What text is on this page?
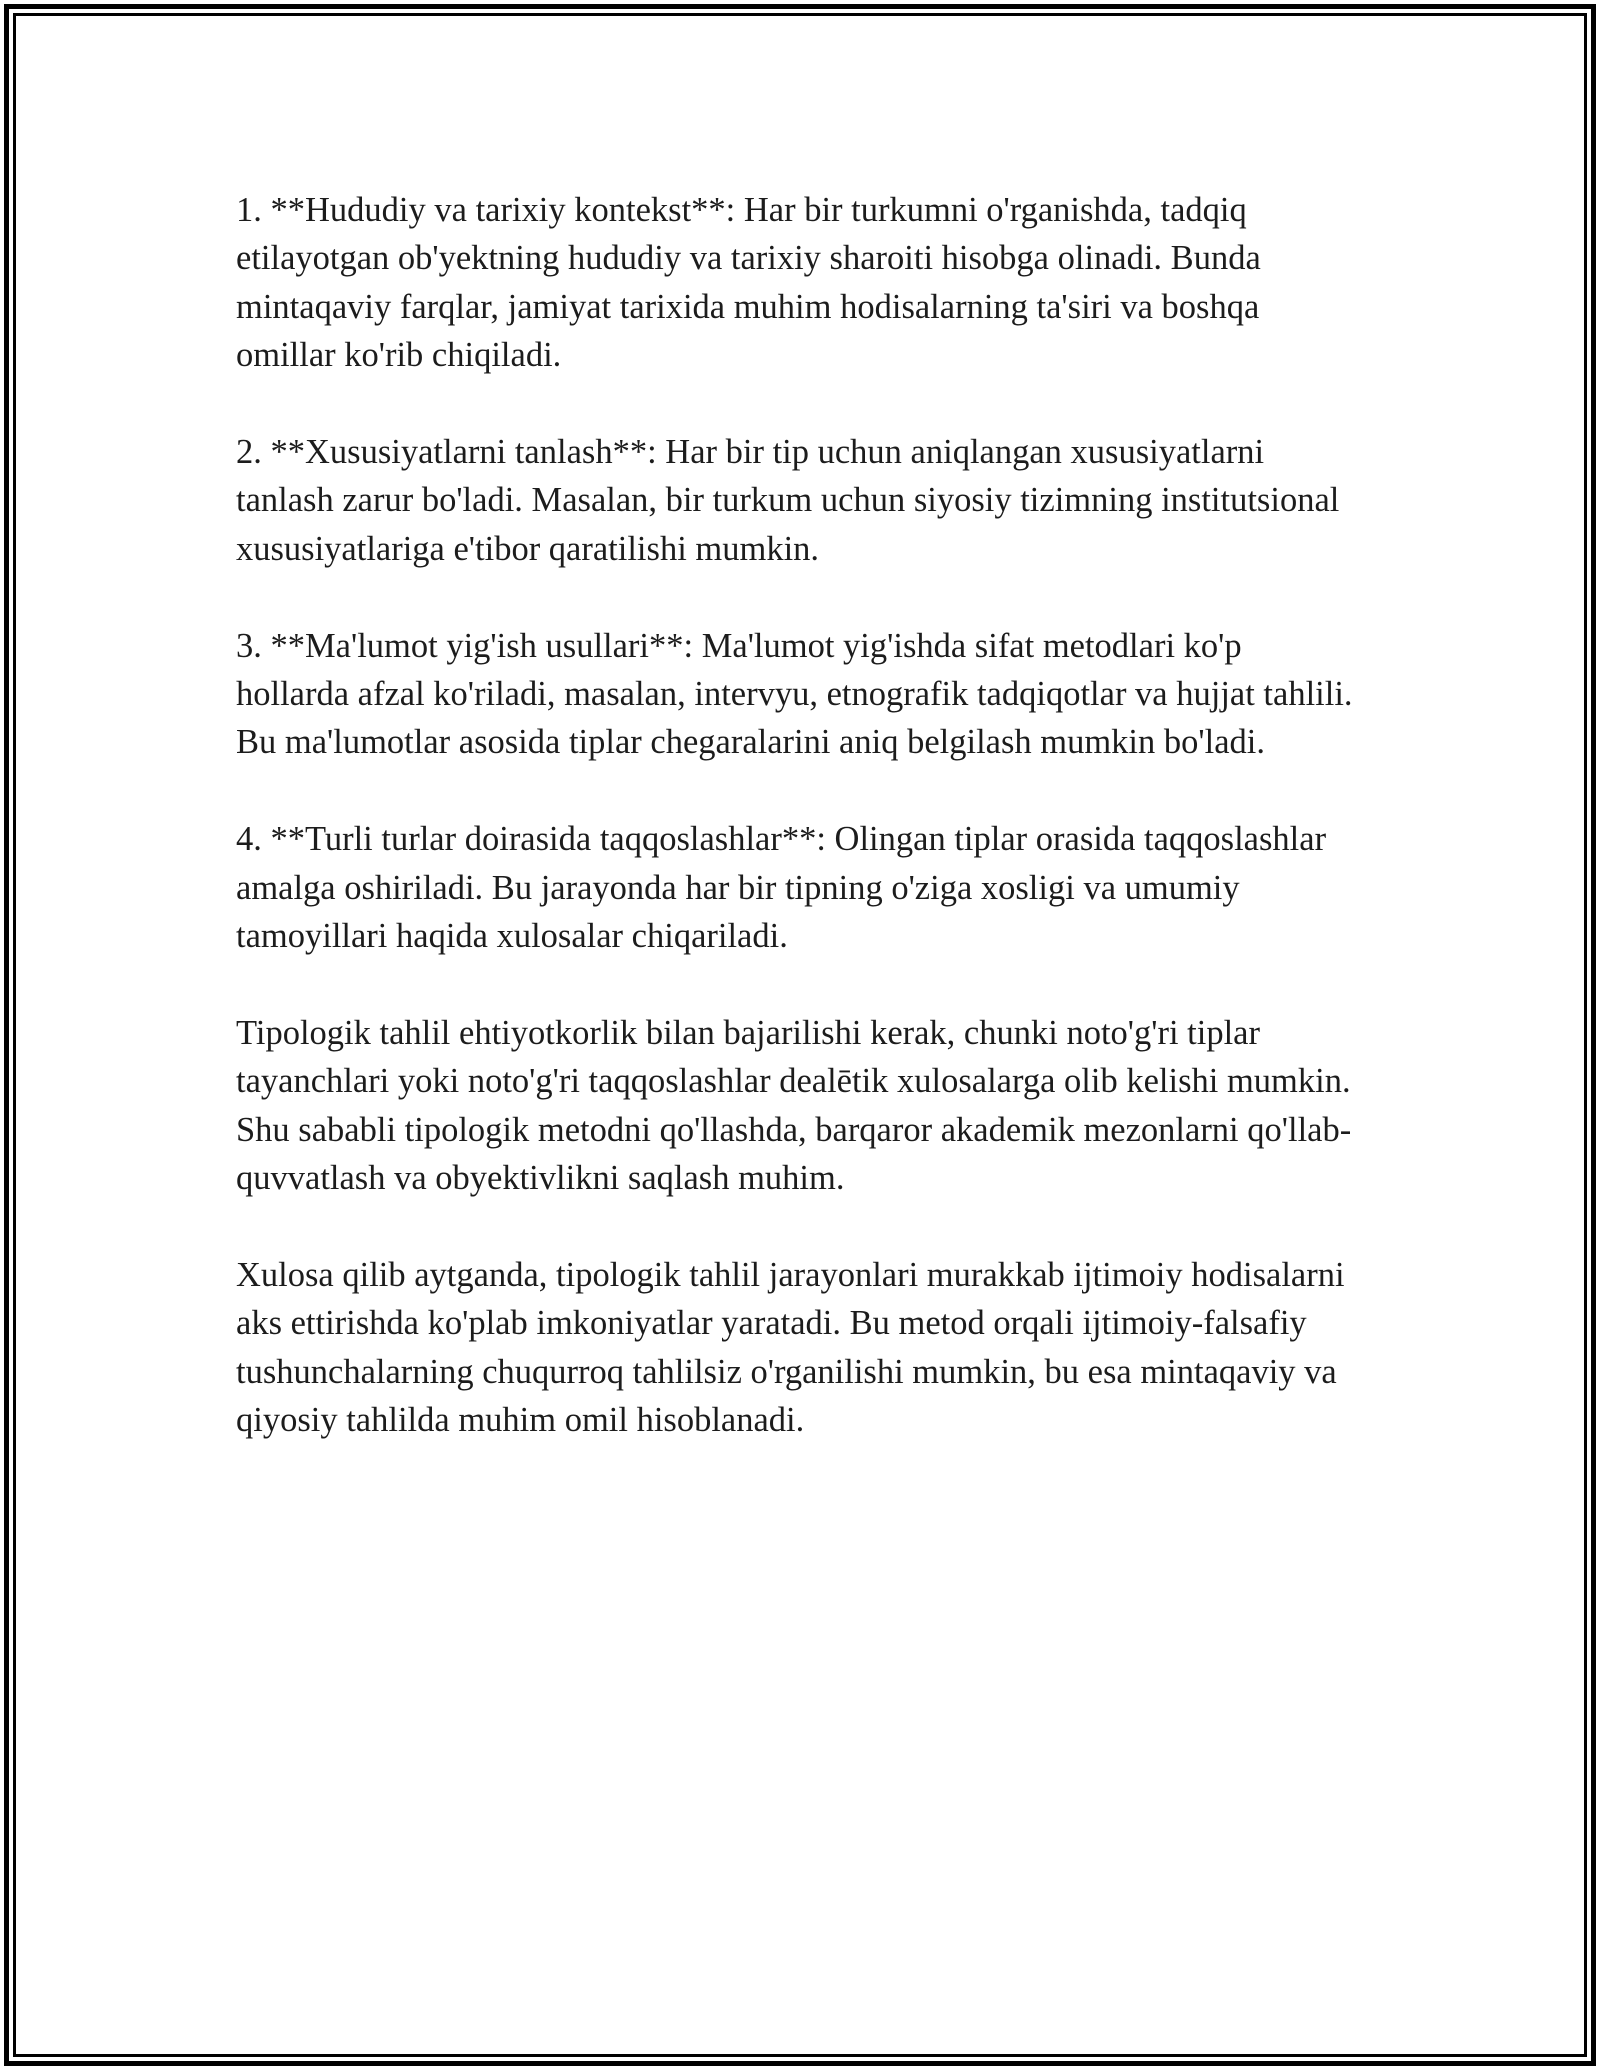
1. **Hududiy va tarixiy kontekst**: Har bir turkumni o'rganishda, tadqiq etilayotgan ob'yektning hududiy va tarixiy sharoiti hisobga olinadi. Bunda mintaqaviy farqlar, jamiyat tarixida muhim hodisalarning ta'siri va boshqa omillar ko'rib chiqiladi.

2. **Xususiyatlarni tanlash**: Har bir tip uchun aniqlangan xususiyatlarni tanlash zarur bo'ladi. Masalan, bir turkum uchun siyosiy tizimning institutsional xususiyatlariga e'tibor qaratilishi mumkin.

3. **Ma'lumot yig'ish usullari**: Ma'lumot yig'ishda sifat metodlari ko'p hollarda afzal ko'riladi, masalan, intervyu, etnografik tadqiqotlar va hujjat tahlili. Bu ma'lumotlar asosida tiplar chegaralarini aniq belgilash mumkin bo'ladi.

4. **Turli turlar doirasida taqqoslashlar**: Olingan tiplar orasida taqqoslashlar amalga oshiriladi. Bu jarayonda har bir tipning o'ziga xosligi va umumiy tamoyillari haqida xulosalar chiqariladi.

Tipologik tahlil ehtiyotkorlik bilan bajarilishi kerak, chunki noto'g'ri tiplar tayanchlari yoki noto'g'ri taqqoslashlar dealētik xulosalarga olib kelishi mumkin. Shu sababli tipologik metodni qo'llashda, barqaror akademik mezonlarni qo'llab-quvvatlash va obyektivlikni saqlash muhim.

Xulosa qilib aytganda, tipologik tahlil jarayonlari murakkab ijtimoiy hodisalarni aks ettirishda ko'plab imkoniyatlar yaratadi. Bu metod orqali ijtimoiy-falsafiy tushunchalarning chuqurroq tahlilsiz o'rganilishi mumkin, bu esa mintaqaviy va qiyosiy tahlilda muhim omil hisoblanadi.
